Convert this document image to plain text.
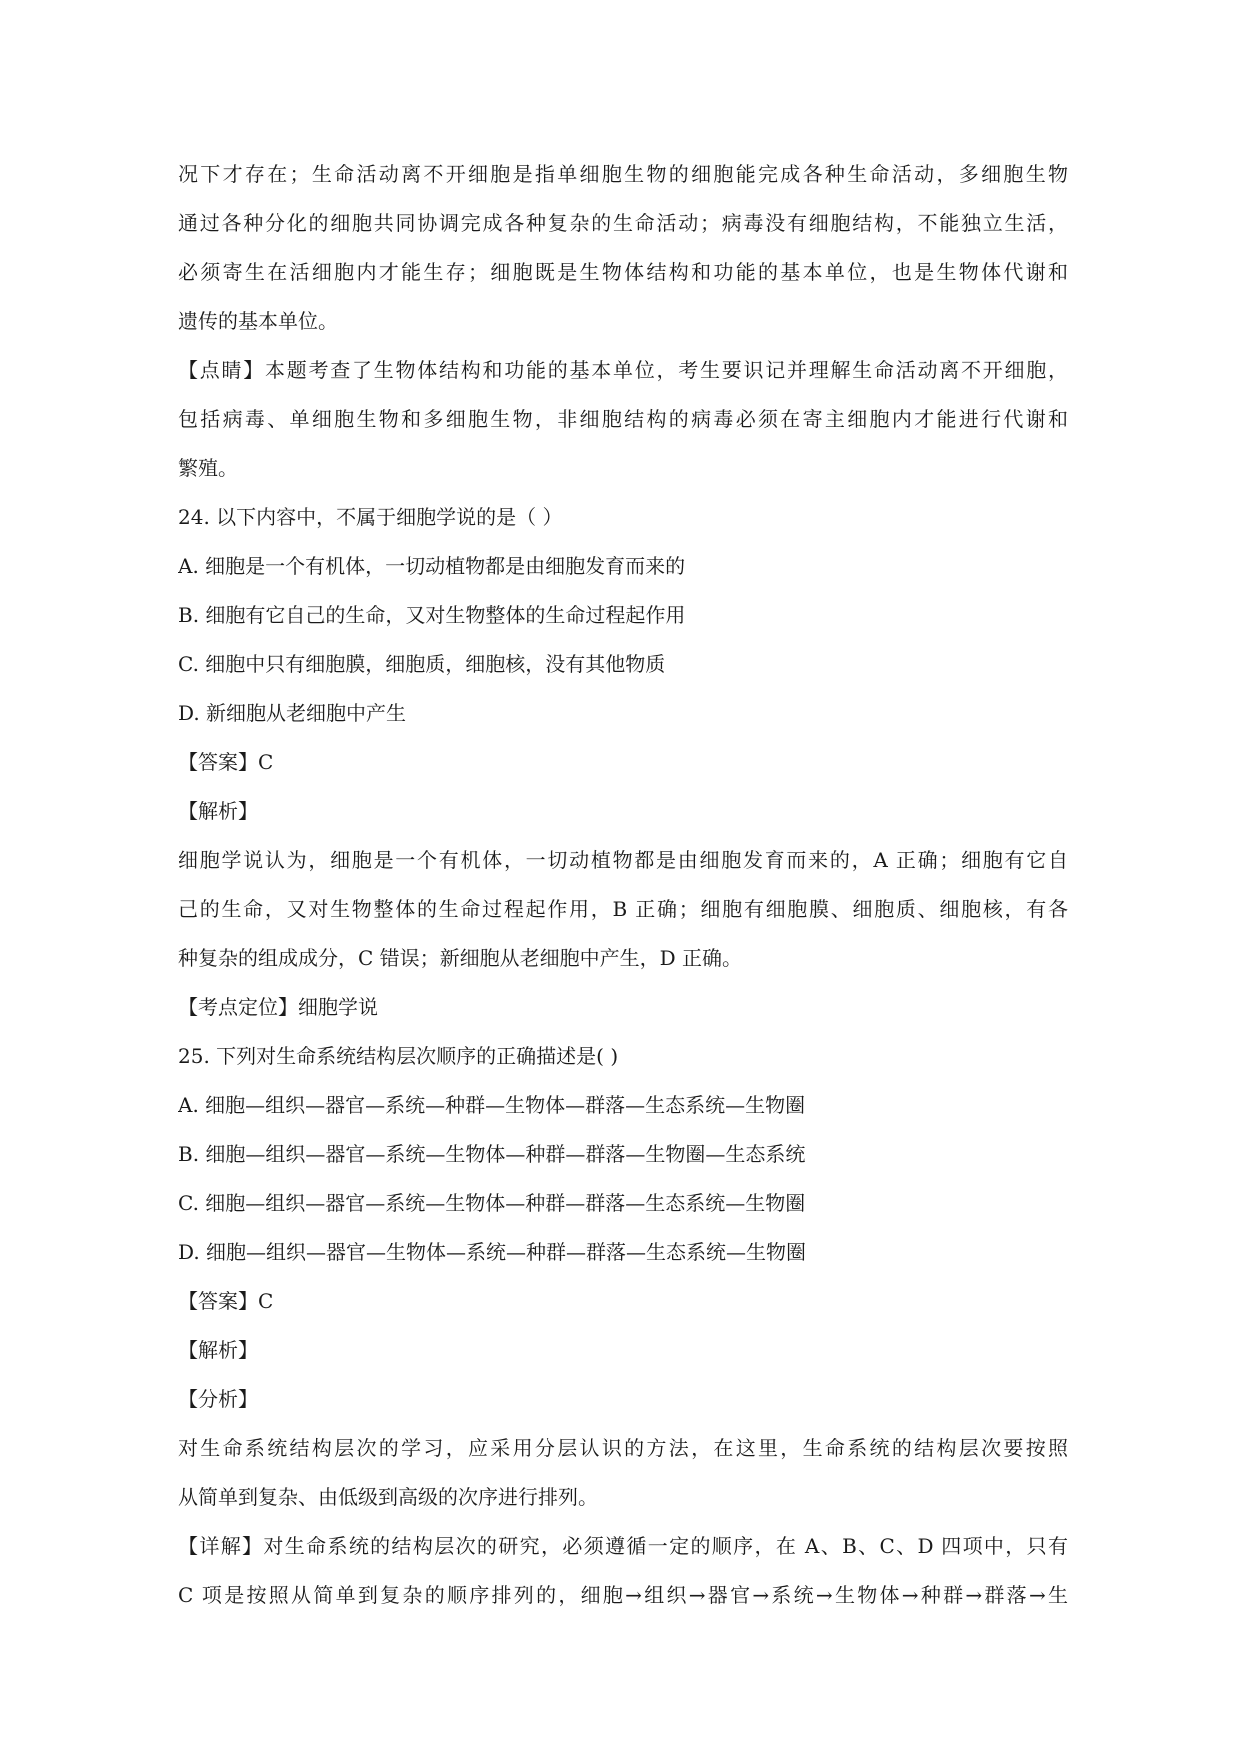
况下才存在；生命活动离不开细胞是指单细胞生物的细胞能完成各种生命活动，多细胞生物
通过各种分化的细胞共同协调完成各种复杂的生命活动；病毒没有细胞结构，不能独立生活，
必须寄生在活细胞内才能生存；细胞既是生物体结构和功能的基本单位，也是生物体代谢和
遗传的基本单位。
【点睛】本题考查了生物体结构和功能的基本单位，考生要识记并理解生命活动离不开细胞，
包括病毒、单细胞生物和多细胞生物，非细胞结构的病毒必须在寄主细胞内才能进行代谢和
繁殖。
24. 以下内容中，不属于细胞学说的是（ ）
A. 细胞是一个有机体，一切动植物都是由细胞发育而来的
B. 细胞有它自己的生命，又对生物整体的生命过程起作用
C. 细胞中只有细胞膜，细胞质，细胞核，没有其他物质
D. 新细胞从老细胞中产生
【答案】C
【解析】
细胞学说认为，细胞是一个有机体，一切动植物都是由细胞发育而来的，A 正确；细胞有它自
己的生命，又对生物整体的生命过程起作用，B 正确；细胞有细胞膜、细胞质、细胞核，有各
种复杂的组成成分，C 错误；新细胞从老细胞中产生，D 正确。
【考点定位】细胞学说
25. 下列对生命系统结构层次顺序的正确描述是( )
A. 细胞—组织—器官—系统—种群—生物体—群落—生态系统—生物圈
B. 细胞—组织—器官—系统—生物体—种群—群落—生物圈—生态系统
C. 细胞—组织—器官—系统—生物体—种群—群落—生态系统—生物圈
D. 细胞—组织—器官—生物体—系统—种群—群落—生态系统—生物圈
【答案】C
【解析】
【分析】
对生命系统结构层次的学习，应采用分层认识的方法，在这里，生命系统的结构层次要按照
从简单到复杂、由低级到高级的次序进行排列。
【详解】对生命系统的结构层次的研究，必须遵循一定的顺序，在 A、B、C、D 四项中，只有
C 项是按照从简单到复杂的顺序排列的，细胞→组织→器官→系统→生物体→种群→群落→生
